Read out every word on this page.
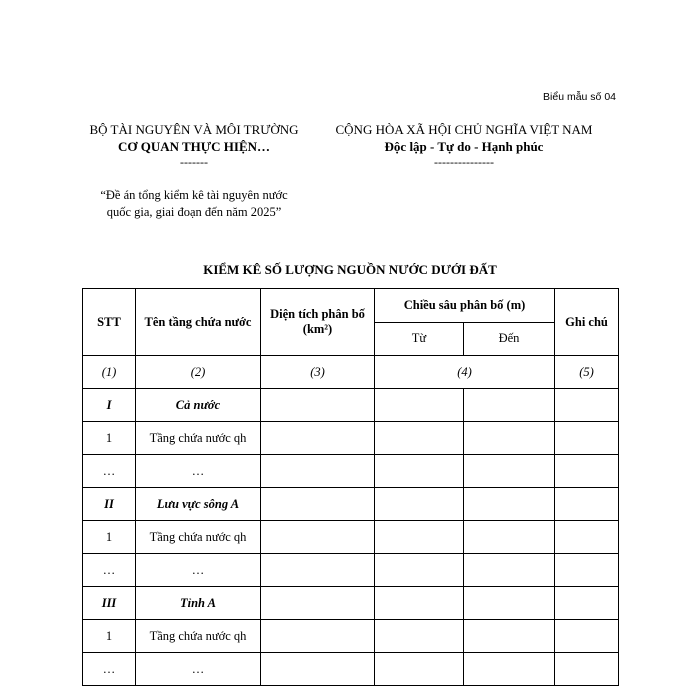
Biểu mẫu số 04
BỘ TÀI NGUYÊN VÀ MÔI TRƯỜNG
CƠ QUAN THỰC HIỆN…
-------
CỘNG HÒA XÃ HỘI CHỦ NGHĨA VIỆT NAM
Độc lập - Tự do - Hạnh phúc
---------------
“Đề án tổng kiểm kê tài nguyên nước
quốc gia, giai đoạn đến năm 2025”
KIỂM KÊ SỐ LƯỢNG NGUỒN NƯỚC DƯỚI ĐẤT
STT	Tên tầng chứa nước	Diện tích phân bố (km²)	Chiều sâu phân bố (m)		Ghi chú
			Từ	Đến	
(1)	(2)	(3)	(4)		(5)
I	Cả nước				
1	Tầng chứa nước qh				
…	…				
II	Lưu vực sông A				
1	Tầng chứa nước qh				
…	…				
III	Tỉnh A				
1	Tầng chứa nước qh				
…	…				
